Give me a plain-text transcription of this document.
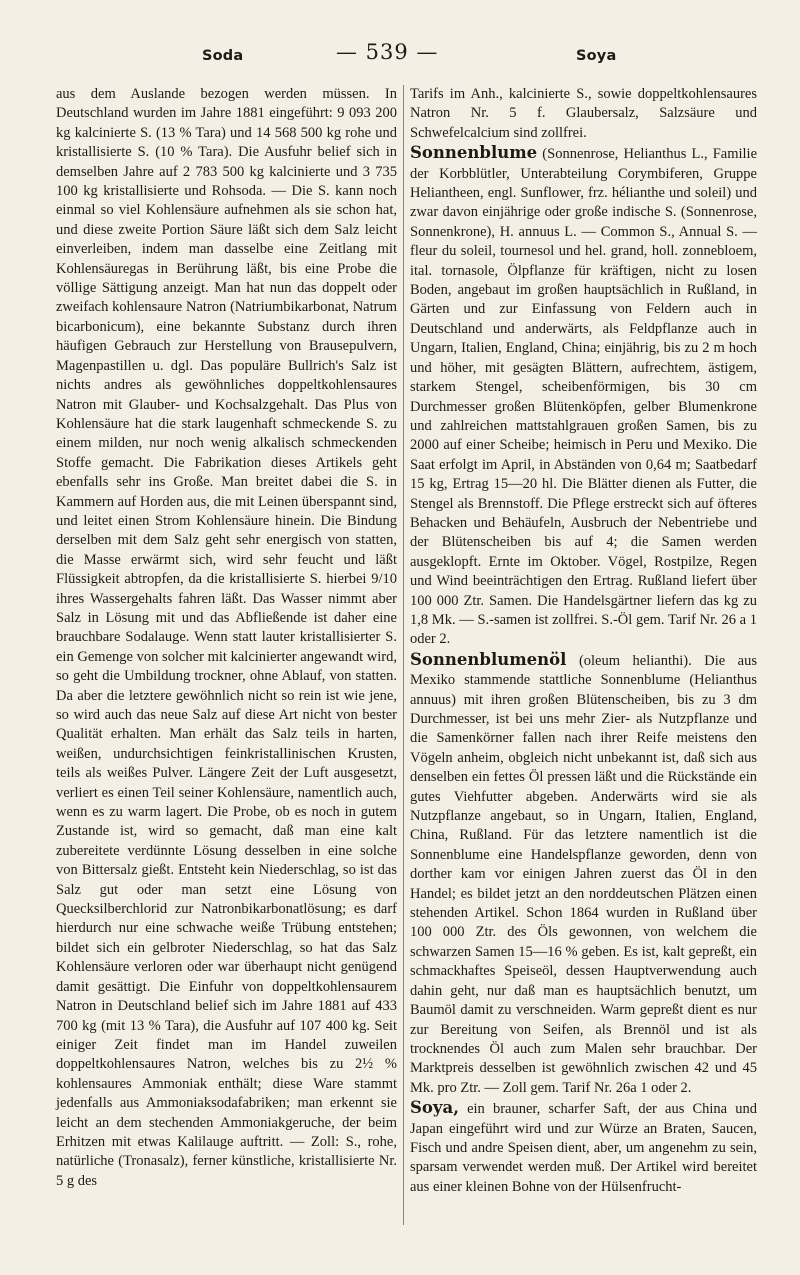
Soda	— 539 —	Soya

aus dem Auslande bezogen werden müssen. In Deutschland wurden im Jahre 1881 eingeführt: 9 093 200 kg kalcinierte S. (13 % Tara) und 14 568 500 kg rohe und kristallisierte S. (10 % Tara). Die Ausfuhr belief sich in demselben Jahre auf 2 783 500 kg kalcinierte und 3 735 100 kg kristallisierte und Rohsoda. — Die S. kann noch einmal so viel Kohlensäure aufnehmen als sie schon hat, und diese zweite Portion Säure läßt sich dem Salz leicht einverleiben, indem man dasselbe eine Zeitlang mit Kohlensäuregas in Berührung läßt, bis eine Probe die völlige Sättigung anzeigt. Man hat nun das doppelt oder zweifach kohlensaure Natron (Natriumbikarbonat, Natrum bicarbonicum), eine bekannte Substanz durch ihren häufigen Gebrauch zur Herstellung von Brausepulvern, Magenpastillen u. dgl. Das populäre Bullrich's Salz ist nichts andres als gewöhnliches doppeltkohlensaures Natron mit Glauber- und Kochsalzgehalt. Das Plus von Kohlensäure hat die stark laugenhaft schmeckende S. zu einem milden, nur noch wenig alkalisch schmeckenden Stoffe gemacht. Die Fabrikation dieses Artikels geht ebenfalls sehr ins Große. Man breitet dabei die S. in Kammern auf Horden aus, die mit Leinen überspannt sind, und leitet einen Strom Kohlensäure hinein. Die Bindung derselben mit dem Salz geht sehr energisch von statten, die Masse erwärmt sich, wird sehr feucht und läßt Flüssigkeit abtropfen, da die kristallisierte S. hierbei 9/10 ihres Wassergehalts fahren läßt. Das Wasser nimmt aber Salz in Lösung mit und das Abfließende ist daher eine brauchbare Sodalauge. Wenn statt lauter kristallisierter S. ein Gemenge von solcher mit kalcinierter angewandt wird, so geht die Umbildung trockner, ohne Ablauf, von statten. Da aber die letztere gewöhnlich nicht so rein ist wie jene, so wird auch das neue Salz auf diese Art nicht von bester Qualität erhalten. Man erhält das Salz teils in harten, weißen, undurchsichtigen feinkristallinischen Krusten, teils als weißes Pulver. Längere Zeit der Luft ausgesetzt, verliert es einen Teil seiner Kohlensäure, namentlich auch, wenn es zu warm lagert. Die Probe, ob es noch in gutem Zustande ist, wird so gemacht, daß man eine kalt zubereitete verdünnte Lösung desselben in eine solche von Bittersalz gießt. Entsteht kein Niederschlag, so ist das Salz gut oder man setzt eine Lösung von Quecksilberchlorid zur Natronbikarbonatlösung; es darf hierdurch nur eine schwache weiße Trübung entstehen; bildet sich ein gelbroter Niederschlag, so hat das Salz Kohlensäure verloren oder war überhaupt nicht genügend damit gesättigt. Die Einfuhr von doppeltkohlensaurem Natron in Deutschland belief sich im Jahre 1881 auf 433 700 kg (mit 13 % Tara), die Ausfuhr auf 107 400 kg. Seit einiger Zeit findet man im Handel zuweilen doppeltkohlensaures Natron, welches bis zu 2½ % kohlensaures Ammoniak enthält; diese Ware stammt jedenfalls aus Ammoniaksodafabriken; man erkennt sie leicht an dem stechenden Ammoniakgeruche, der beim Erhitzen mit etwas Kalilauge auftritt. — Zoll: S., rohe, natürliche (Tronasalz), ferner künstliche, kristallisierte Nr. 5 g des

Tarifs im Anh., kalcinierte S., sowie doppeltkohlensaures Natron Nr. 5 f. Glaubersalz, Salzsäure und Schwefelcalcium sind zollfrei.

Sonnenblume (Sonnenrose, Helianthus L., Familie der Korbblütler, Unterabteilung Corymbiferen, Gruppe Heliantheen, engl. Sunflower, frz. hélianthe und soleil) und zwar davon einjährige oder große indische S. (Sonnenrose, Sonnenkrone), H. annuus L. — Common S., Annual S. — fleur du soleil, tournesol und hel. grand, holl. zonnebloem, ital. tornasole, Ölpflanze für kräftigen, nicht zu losen Boden, angebaut im großen hauptsächlich in Rußland, in Gärten und zur Einfassung von Feldern auch in Deutschland und anderwärts, als Feldpflanze auch in Ungarn, Italien, England, China; einjährig, bis zu 2 m hoch und höher, mit gesägten Blättern, aufrechtem, ästigem, starkem Stengel, scheibenförmigen, bis 30 cm Durchmesser großen Blütenköpfen, gelber Blumenkrone und zahlreichen mattstahlgrauen großen Samen, bis zu 2000 auf einer Scheibe; heimisch in Peru und Mexiko. Die Saat erfolgt im April, in Abständen von 0,64 m; Saatbedarf 15 kg, Ertrag 15—20 hl. Die Blätter dienen als Futter, die Stengel als Brennstoff. Die Pflege erstreckt sich auf öfteres Behacken und Behäufeln, Ausbruch der Nebentriebe und der Blütenscheiben bis auf 4; die Samen werden ausgeklopft. Ernte im Oktober. Vögel, Rostpilze, Regen und Wind beeinträchtigen den Ertrag. Rußland liefert über 100 000 Ztr. Samen. Die Handelsgärtner liefern das kg zu 1,8 Mk. — S.-samen ist zollfrei. S.-Öl gem. Tarif Nr. 26 a 1 oder 2.

Sonnenblumenöl (oleum helianthi). Die aus Mexiko stammende stattliche Sonnenblume (Helianthus annuus) mit ihren großen Blütenscheiben, bis zu 3 dm Durchmesser, ist bei uns mehr Zier- als Nutzpflanze und die Samenkörner fallen nach ihrer Reife meistens den Vögeln anheim, obgleich nicht unbekannt ist, daß sich aus denselben ein fettes Öl pressen läßt und die Rückstände ein gutes Viehfutter abgeben. Anderwärts wird sie als Nutzpflanze angebaut, so in Ungarn, Italien, England, China, Rußland. Für das letztere namentlich ist die Sonnenblume eine Handelspflanze geworden, denn von dorther kam vor einigen Jahren zuerst das Öl in den Handel; es bildet jetzt an den norddeutschen Plätzen einen stehenden Artikel. Schon 1864 wurden in Rußland über 100 000 Ztr. des Öls gewonnen, von welchem die schwarzen Samen 15—16 % geben. Es ist, kalt gepreßt, ein schmackhaftes Speiseöl, dessen Hauptverwendung auch dahin geht, nur daß man es hauptsächlich benutzt, um Baumöl damit zu verschneiden. Warm gepreßt dient es nur zur Bereitung von Seifen, als Brennöl und ist als trocknendes Öl auch zum Malen sehr brauchbar. Der Marktpreis desselben ist gewöhnlich zwischen 42 und 45 Mk. pro Ztr. — Zoll gem. Tarif Nr. 26a 1 oder 2.

Soya, ein brauner, scharfer Saft, der aus China und Japan eingeführt wird und zur Würze an Braten, Saucen, Fisch und andre Speisen dient, aber, um angenehm zu sein, sparsam verwendet werden muß. Der Artikel wird bereitet aus einer kleinen Bohne von der Hülsenfrucht-
